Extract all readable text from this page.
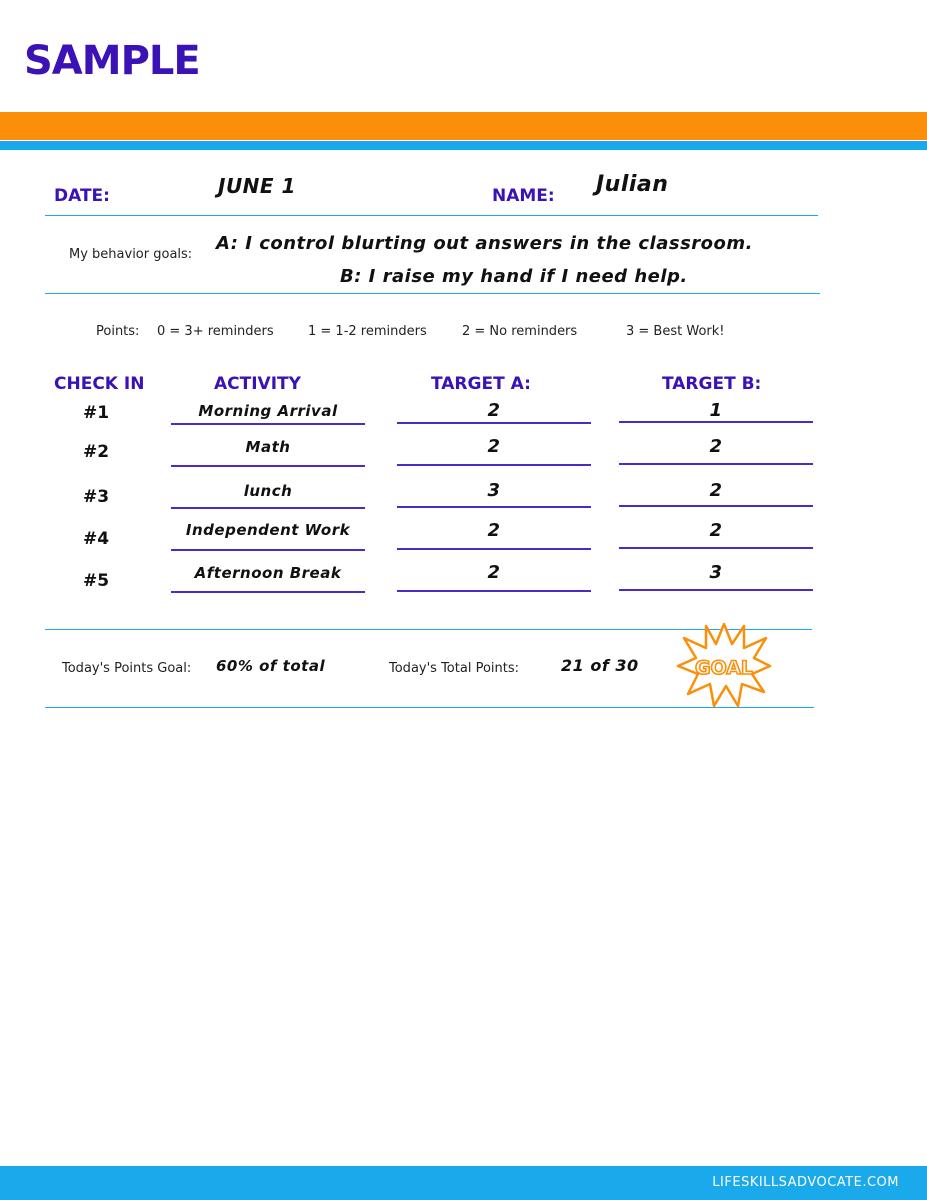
SAMPLE
DATE:	JUNE 1	NAME: Julian
My behavior goals:
A: I control blurting out answers in the classroom.
B: I raise my hand if I need help.
Points: 0 = 3+ reminders	1 = 1-2 reminders	2 = No reminders	3 = Best Work!
CHECK IN	ACTIVITY	TARGET A:	TARGET B:
#1	Morning Arrival	2	1
#2	Math	2	2
#3	lunch	3	2
#4	Independent Work	2	2
#5	Afternoon Break	2	3
Today's Points Goal: 60% of total	Today's Total Points:	21 of 30	GOAL
LIFESKILLSADVOCATE.COM
